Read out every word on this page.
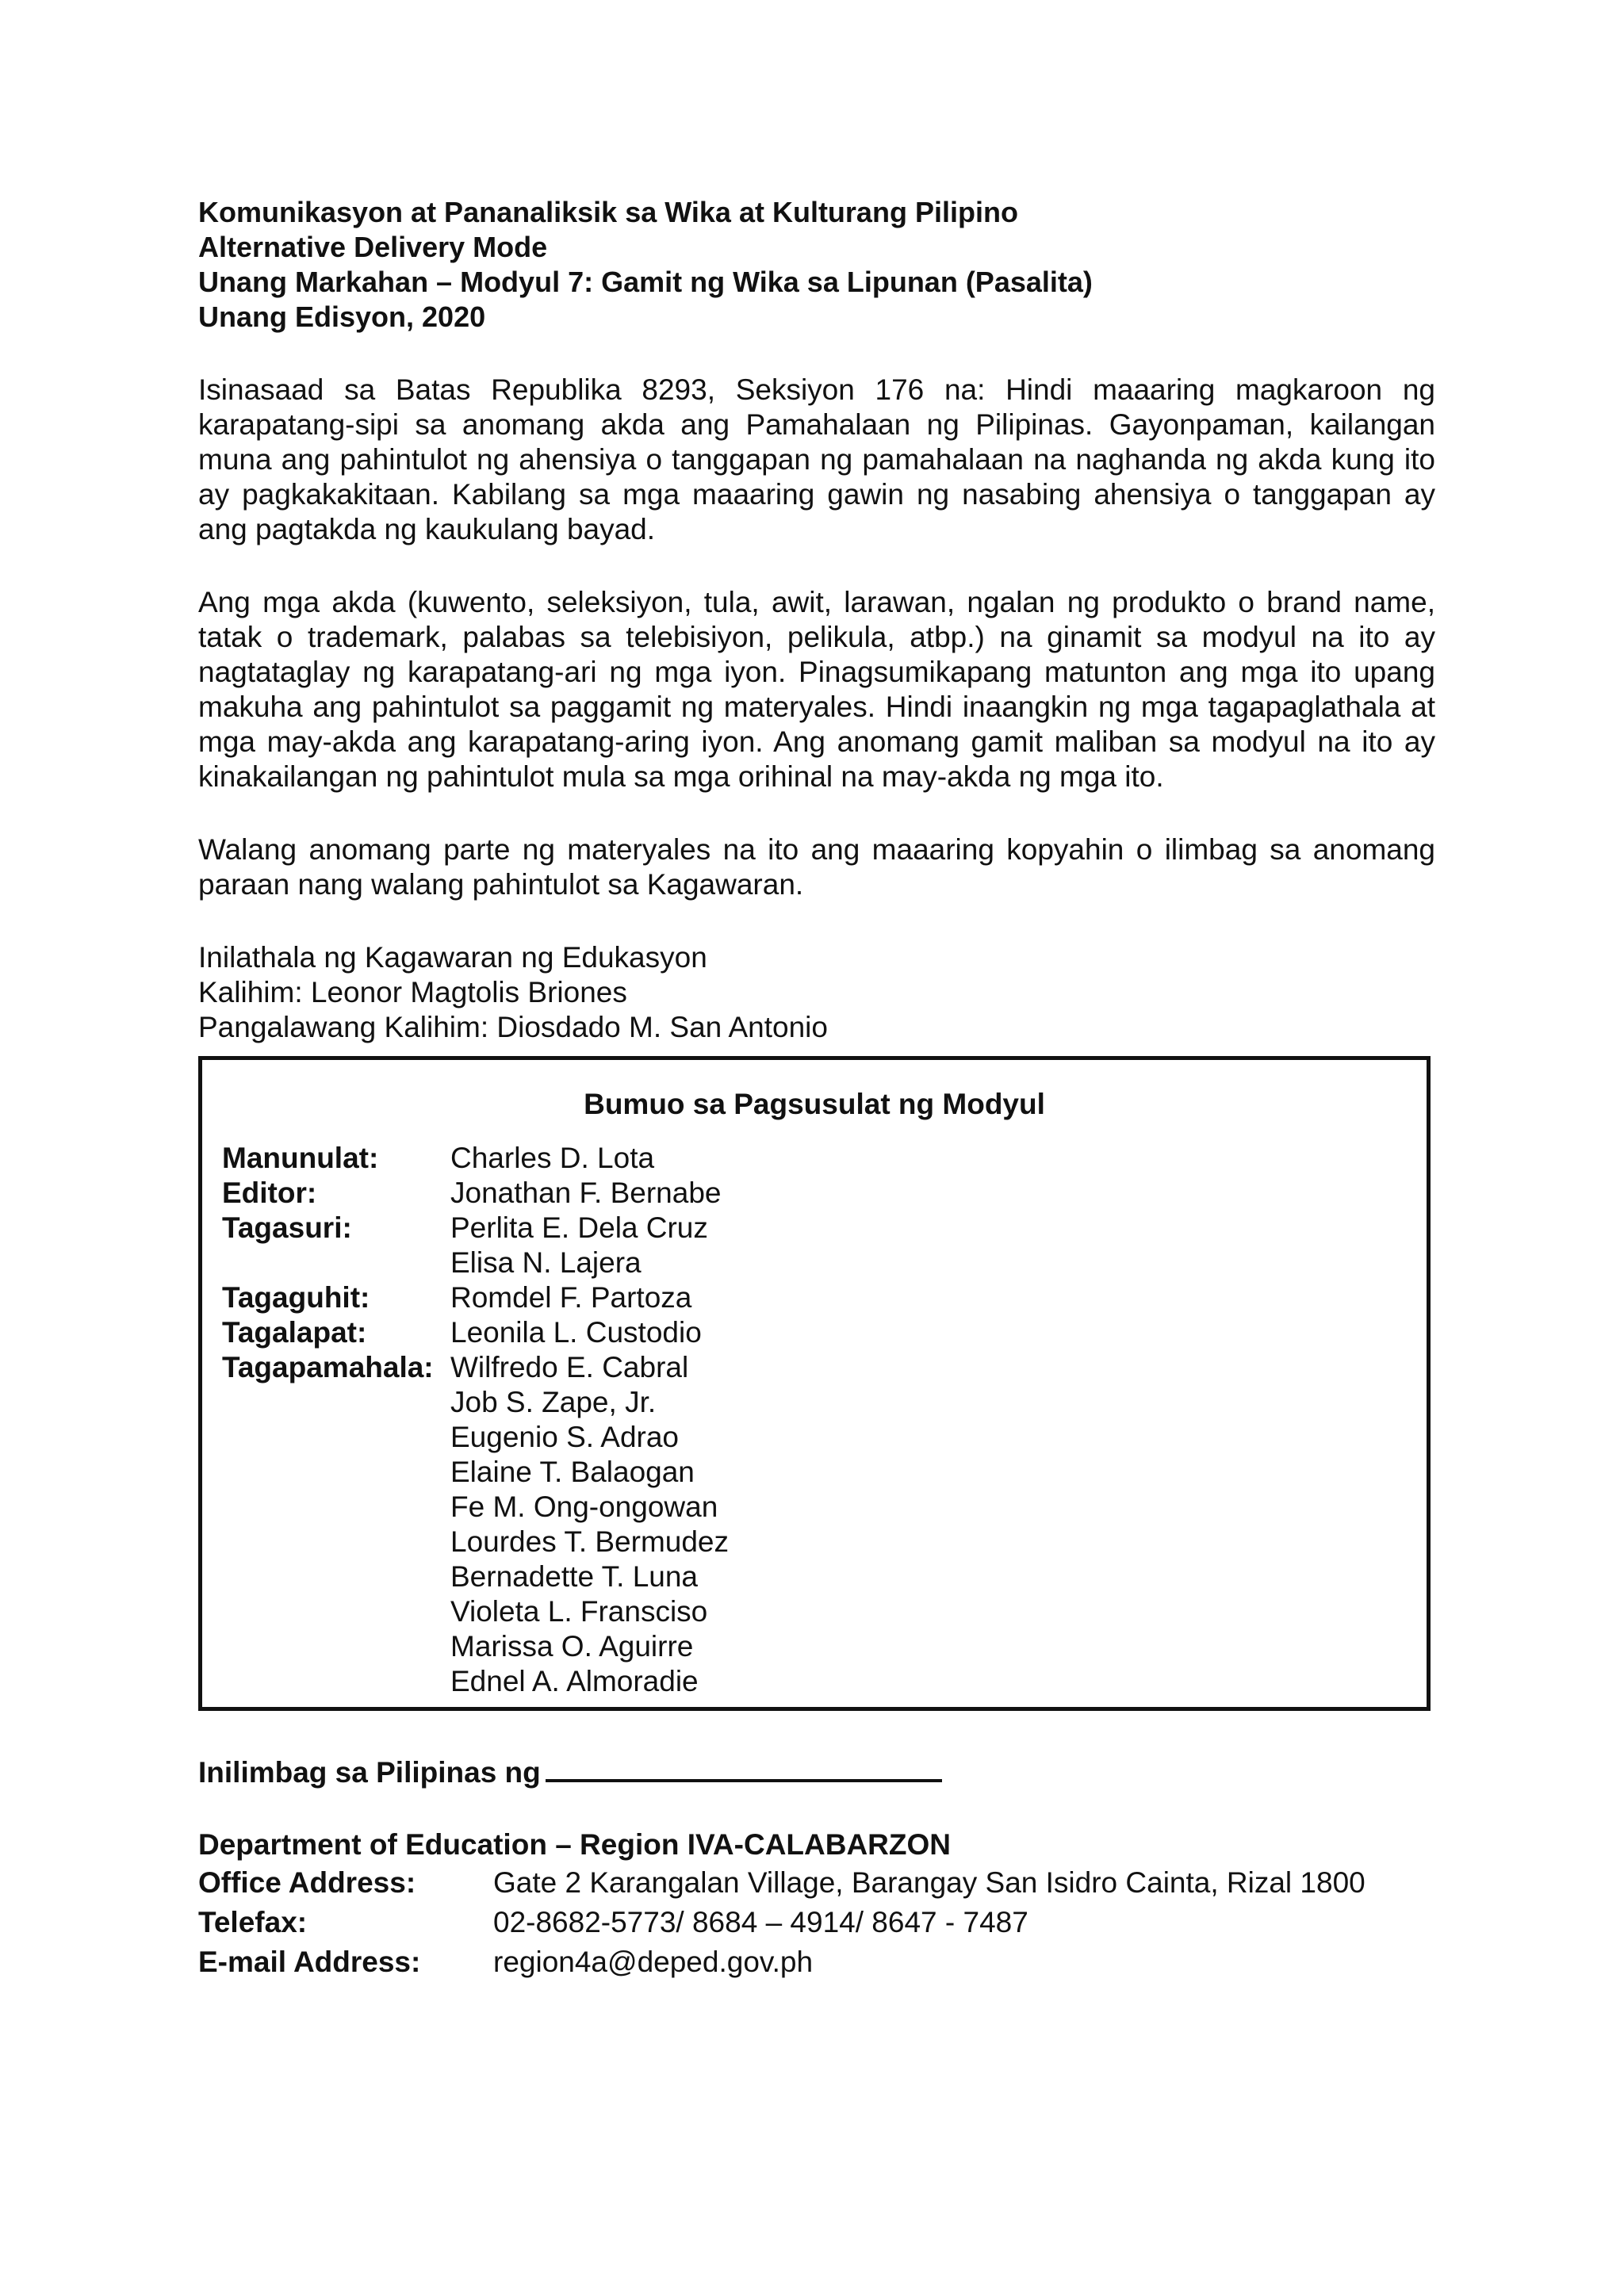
Komunikasyon at Pananaliksik sa Wika at Kulturang Pilipino
Alternative Delivery Mode
Unang Markahan – Modyul 7: Gamit ng Wika sa Lipunan (Pasalita)
Unang Edisyon, 2020

Isinasaad sa Batas Republika 8293, Seksiyon 176 na: Hindi maaaring magkaroon ng karapatang-sipi sa anomang akda ang Pamahalaan ng Pilipinas. Gayonpaman, kailangan muna ang pahintulot ng ahensiya o tanggapan ng pamahalaan na naghanda ng akda kung ito ay pagkakakitaan. Kabilang sa mga maaaring gawin ng nasabing ahensiya o tanggapan ay ang pagtakda ng kaukulang bayad.

Ang mga akda (kuwento, seleksiyon, tula, awit, larawan, ngalan ng produkto o brand name, tatak o trademark, palabas sa telebisiyon, pelikula, atbp.) na ginamit sa modyul na ito ay nagtataglay ng karapatang-ari ng mga iyon. Pinagsumikapang matunton ang mga ito upang makuha ang pahintulot sa paggamit ng materyales. Hindi inaangkin ng mga tagapaglathala at mga may-akda ang karapatang-aring iyon. Ang anomang gamit maliban sa modyul na ito ay kinakailangan ng pahintulot mula sa mga orihinal na may-akda ng mga ito.

Walang anomang parte ng materyales na ito ang maaaring kopyahin o ilimbag sa anomang paraan nang walang pahintulot sa Kagawaran.

Inilathala ng Kagawaran ng Edukasyon
Kalihim: Leonor Magtolis Briones
Pangalawang Kalihim: Diosdado M. San Antonio
Bumuo sa Pagsusulat ng Modyul
Manunulat:	Charles D. Lota
Editor:	Jonathan F. Bernabe
Tagasuri:	Perlita E. Dela Cruz
Elisa N. Lajera
Tagaguhit:	Romdel F. Partoza
Tagalapat:	Leonila L. Custodio
Tagapamahala: Wilfredo E. Cabral
Job S. Zape, Jr.
Eugenio S. Adrao
Elaine T. Balaogan
Fe M. Ong-ongowan
Lourdes T. Bermudez
Bernadette T. Luna
Violeta L. Fransciso
Marissa O. Aguirre
Ednel A. Almoradie
Inilimbag sa Pilipinas ng
Department of Education – Region IVA-CALABARZON
Office Address:	Gate 2 Karangalan Village, Barangay San Isidro Cainta, Rizal 1800
Telefax:	02-8682-5773/ 8684 – 4914/ 8647 - 7487
E-mail Address:	region4a@deped.gov.ph
